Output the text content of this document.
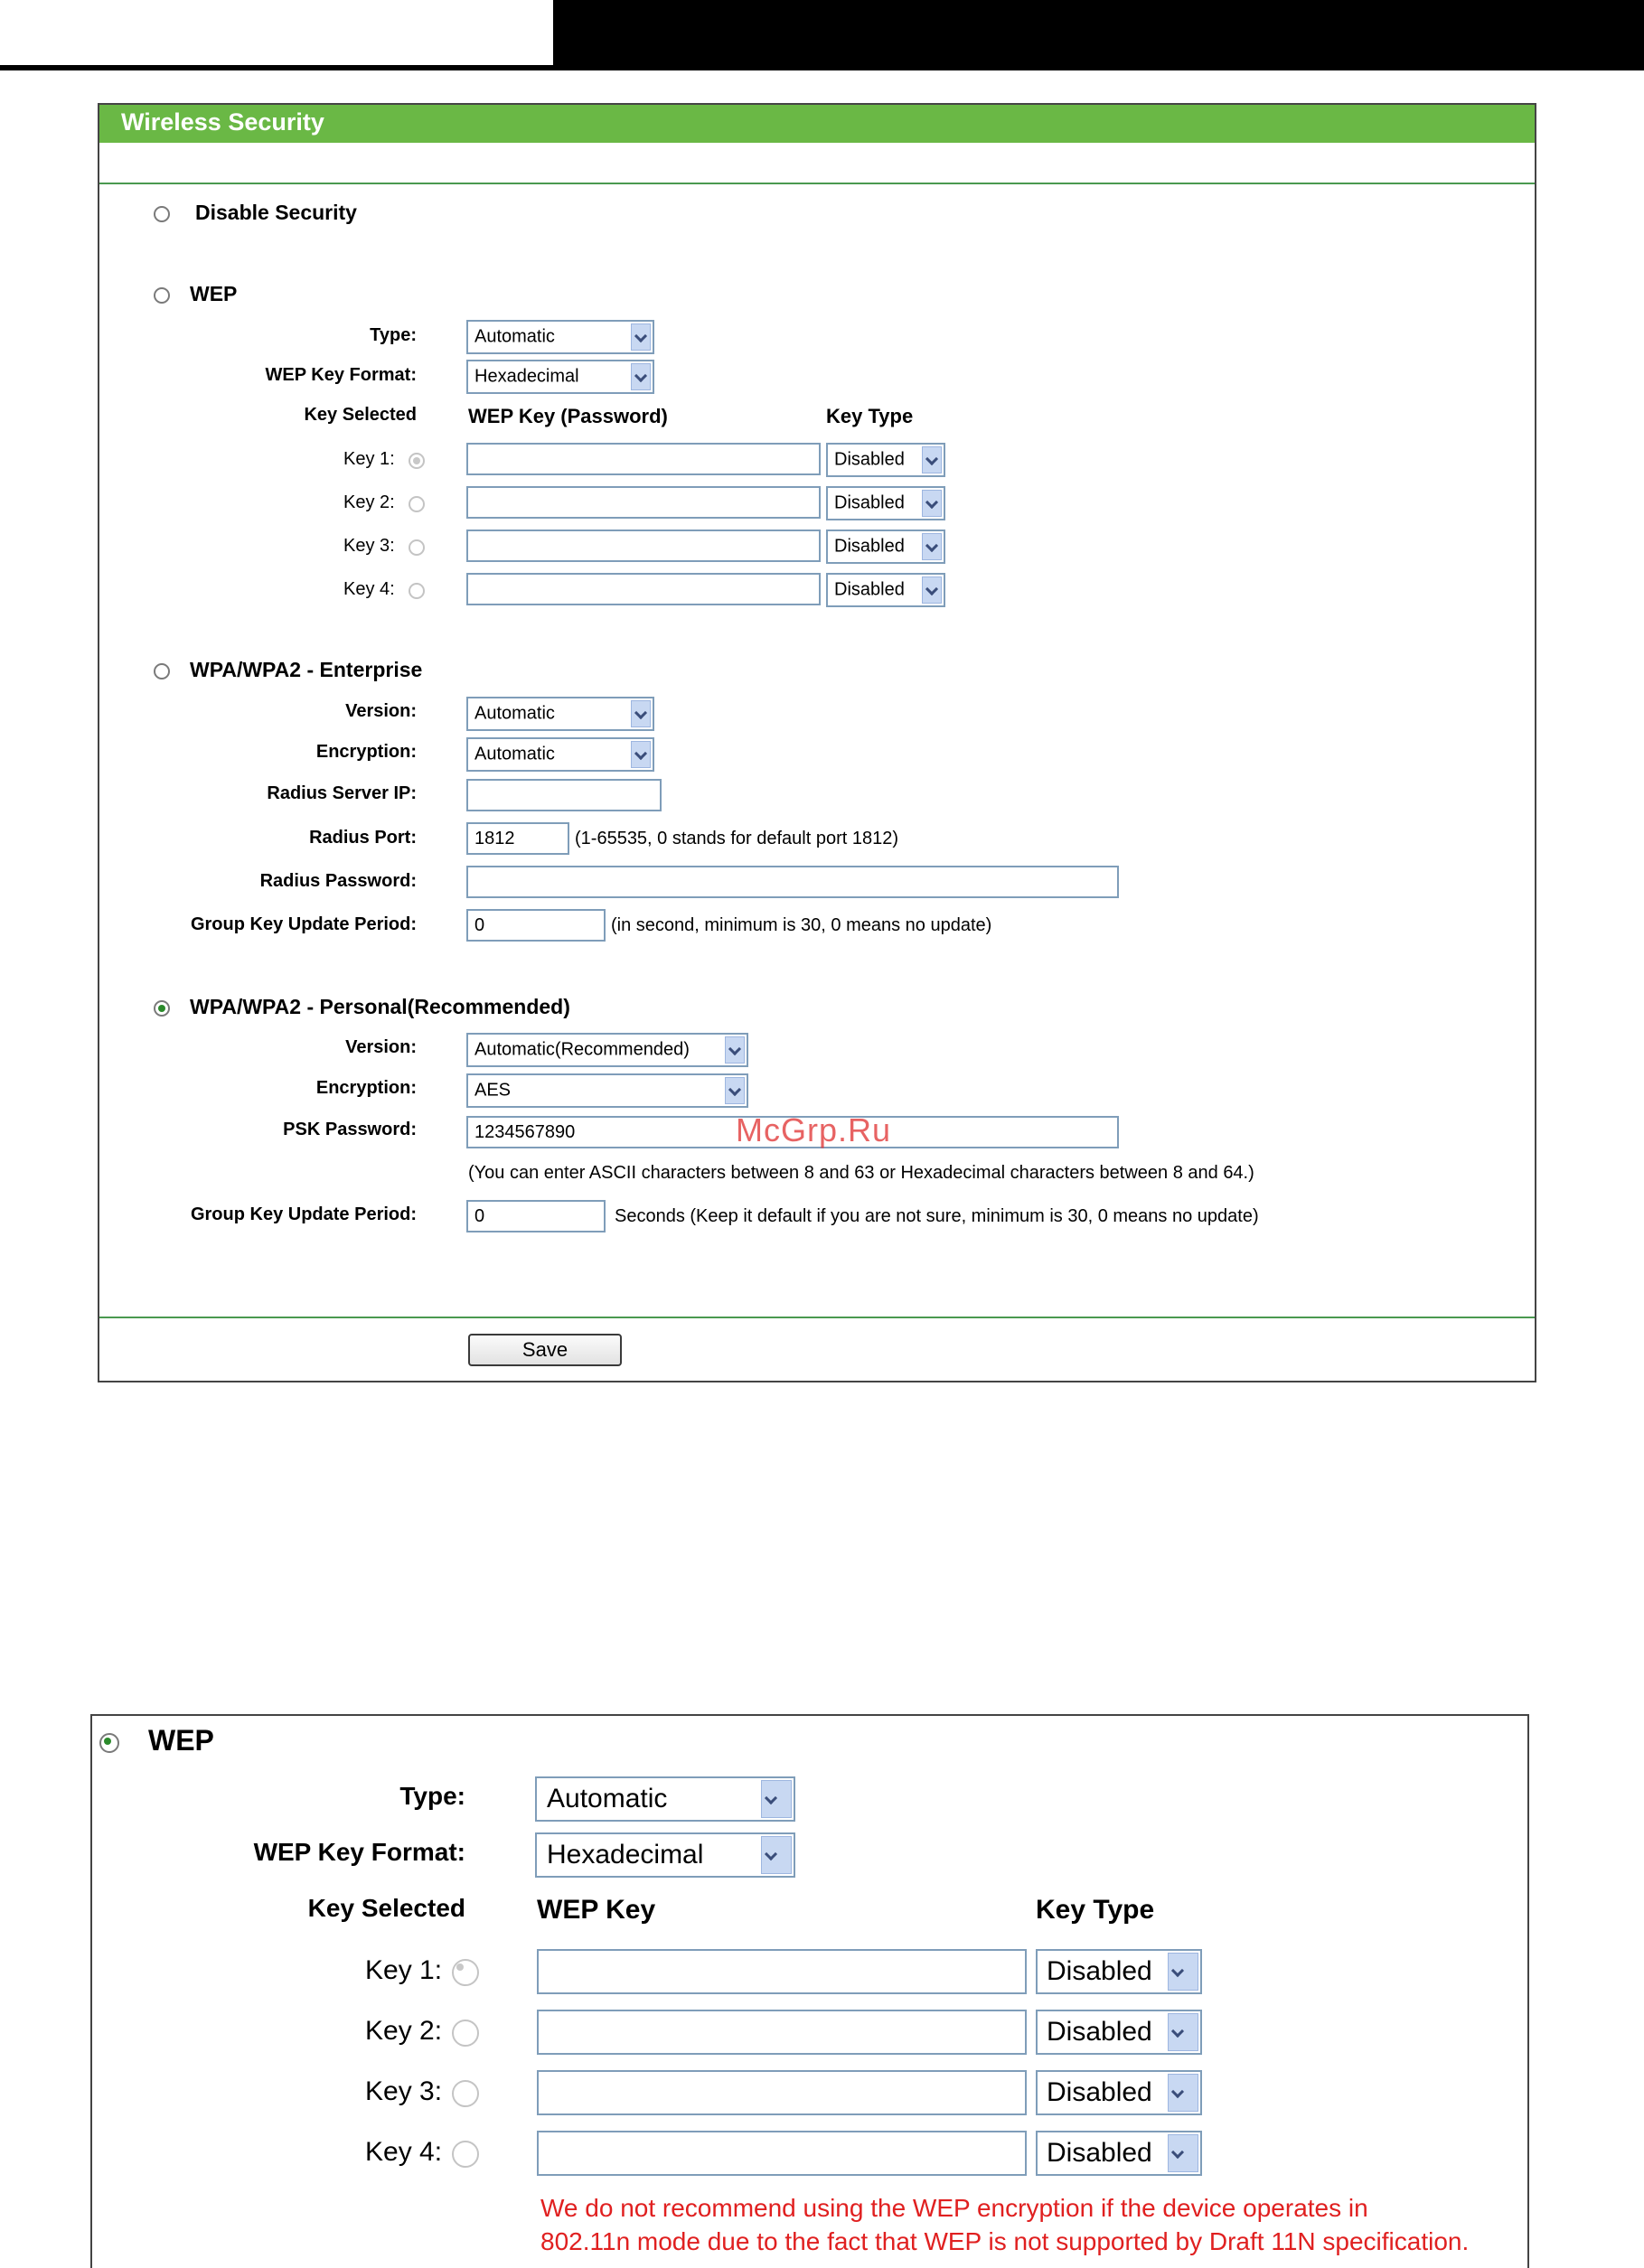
Wireless Security
Disable Security
WEP
Type:	Automatic
WEP Key Format:	Hexadecimal
Key Selected	WEP Key (Password)	Key Type
Key 1:	Disabled
Key 2:	Disabled
Key 3:	Disabled
Key 4:	Disabled
WPA/WPA2 - Enterprise
Version:	Automatic
Encryption:	Automatic
Radius Server IP:
Radius Port:	1812	(1-65535, 0 stands for default port 1812)
Radius Password:
Group Key Update Period:	0	(in second, minimum is 30, 0 means no update)
WPA/WPA2 - Personal(Recommended)
Version:	Automatic(Recommended)
Encryption:	AES
PSK Password:	1234567890
(You can enter ASCII characters between 8 and 63 or Hexadecimal characters between 8 and 64.)
Group Key Update Period:	0	Seconds (Keep it default if you are not sure, minimum is 30, 0 means no update)
McGrp.Ru
Save
WEP
Type:	Automatic
WEP Key Format:	Hexadecimal
Key Selected	WEP Key	Key Type
Key 1:	Disabled
Key 2:	Disabled
Key 3:	Disabled
Key 4:	Disabled
We do not recommend using the WEP encryption if the device operates in
802.11n mode due to the fact that WEP is not supported by Draft 11N specification.
